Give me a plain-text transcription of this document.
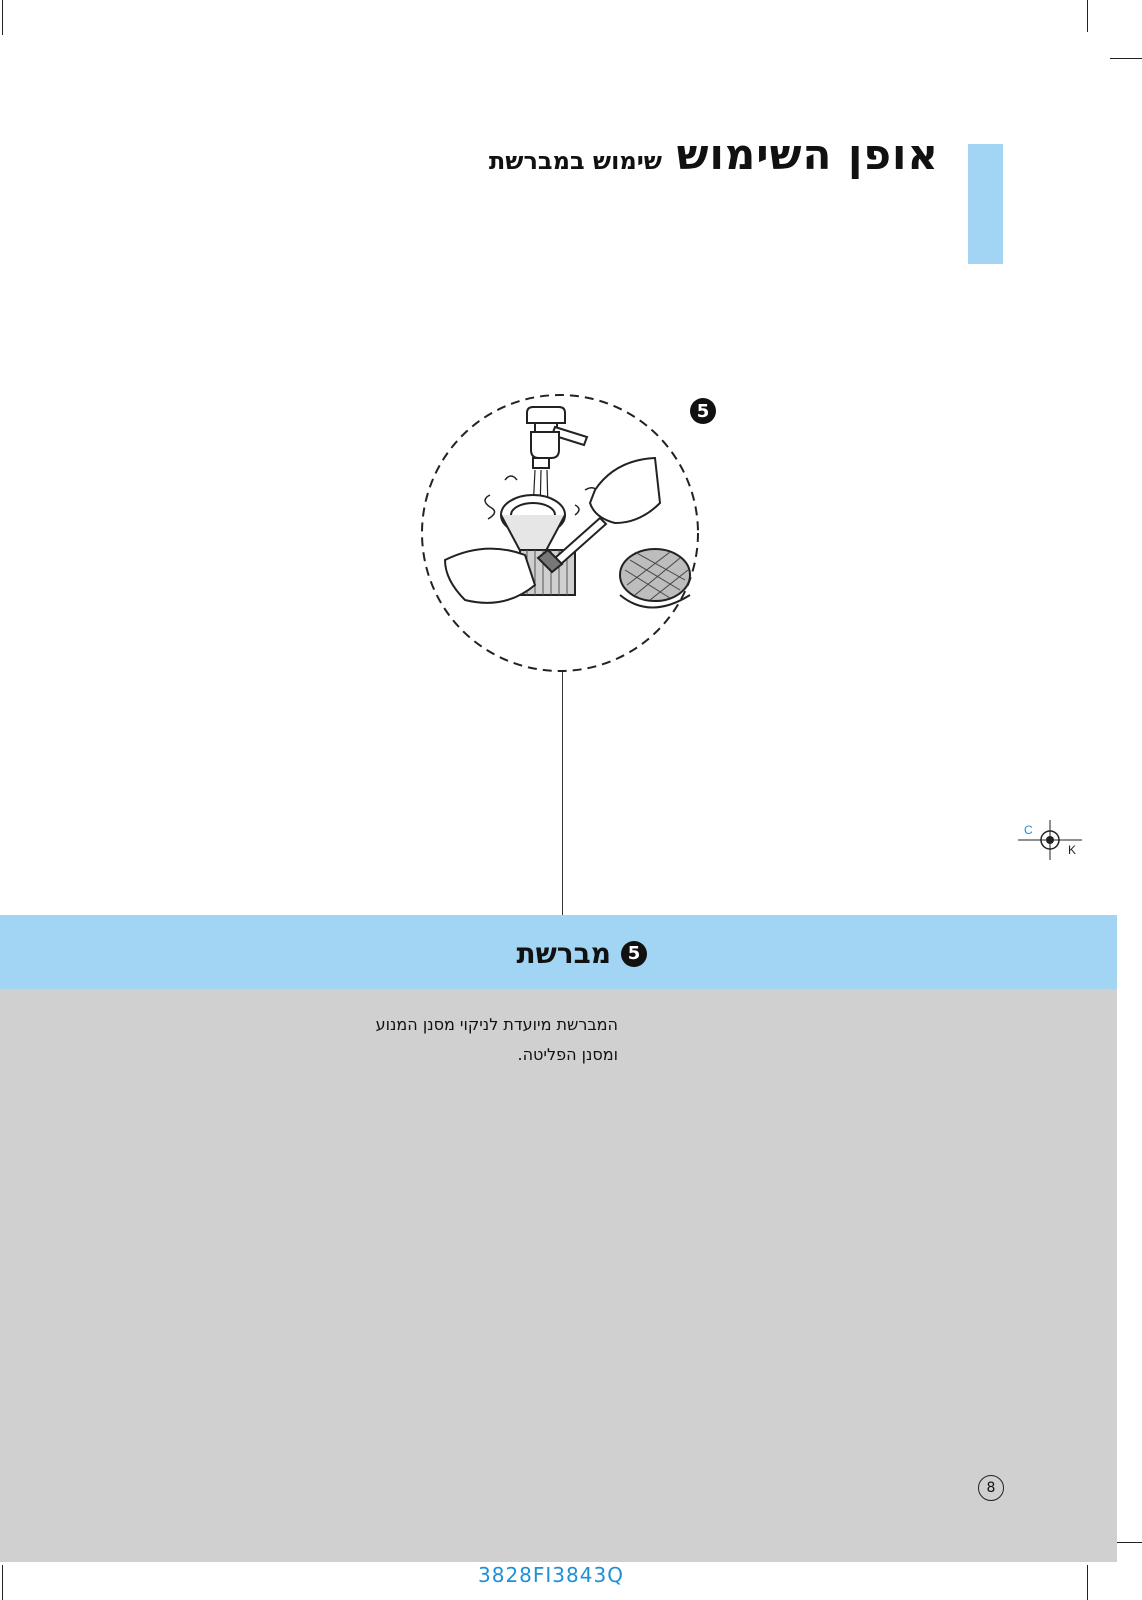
אופן השימוש
שימוש במברשת
5
C
K
5
מברשת
המברשת מיועדת לניקוי מסנן המנוע
ומסנן הפליטה.
8
3828FI3843Q
